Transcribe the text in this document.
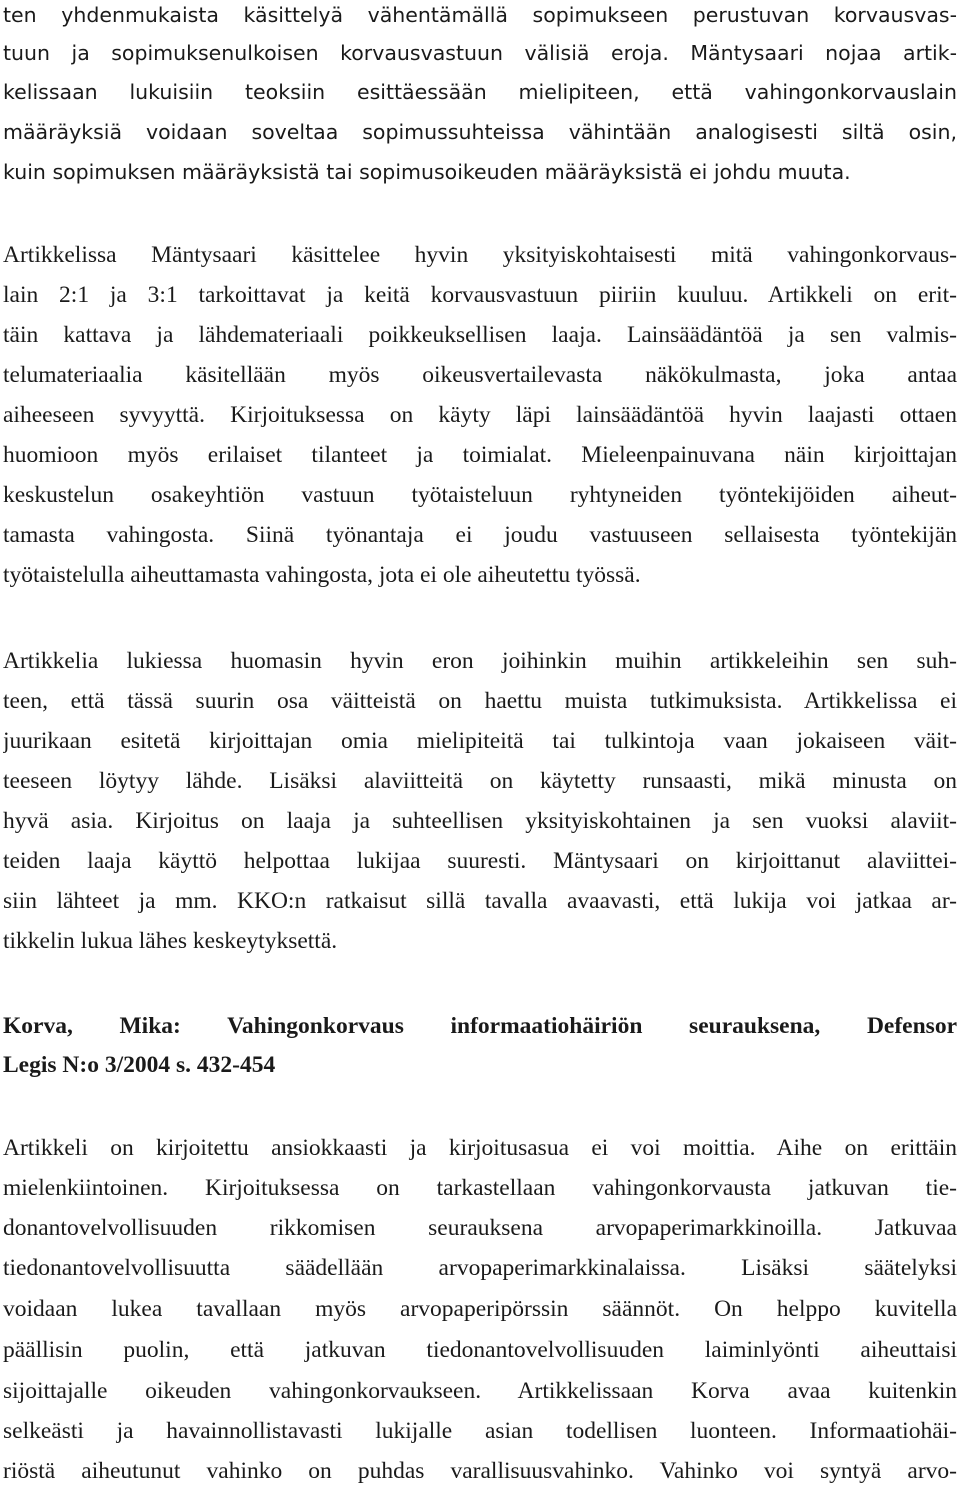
ten yhdenmukaista käsittelyä vähentämällä sopimukseen perustuvan korvausvas-
tuun ja sopimuksenulkoisen korvausvastuun välisiä eroja. Mäntysaari nojaa artik-
kelissaan lukuisiin teoksiin esittäessään mielipiteen, että vahingonkorvauslain
määräyksiä voidaan soveltaa sopimussuhteissa vähintään analogisesti siltä osin,
kuin sopimuksen määräyksistä tai sopimusoikeuden määräyksistä ei johdu muuta.
Artikkelissa Mäntysaari käsittelee hyvin yksityiskohtaisesti mitä vahingonkorvaus-
lain 2:1 ja 3:1 tarkoittavat ja keitä korvausvastuun piiriin kuuluu. Artikkeli on erit-
täin kattava ja lähdemateriaali poikkeuksellisen laaja. Lainsäädäntöä ja sen valmis-
telumateriaalia käsitellään myös oikeusvertailevasta näkökulmasta, joka antaa
aiheeseen syvyyttä. Kirjoituksessa on käyty läpi lainsäädäntöä hyvin laajasti ottaen
huomioon myös erilaiset tilanteet ja toimialat. Mieleenpainuvana näin kirjoittajan
keskustelun osakeyhtiön vastuun työtaisteluun ryhtyneiden työntekijöiden aiheut-
tamasta vahingosta. Siinä työnantaja ei joudu vastuuseen sellaisesta työntekijän
työtaistelulla aiheuttamasta vahingosta, jota ei ole aiheutettu työssä.
Artikkelia lukiessa huomasin hyvin eron joihinkin muihin artikkeleihin sen suh-
teen, että tässä suurin osa väitteistä on haettu muista tutkimuksista. Artikkelissa ei
juurikaan esitetä kirjoittajan omia mielipiteitä tai tulkintoja vaan jokaiseen väit-
teeseen löytyy lähde. Lisäksi alaviitteitä on käytetty runsaasti, mikä minusta on
hyvä asia. Kirjoitus on laaja ja suhteellisen yksityiskohtainen ja sen vuoksi alaviit-
teiden laaja käyttö helpottaa lukijaa suuresti. Mäntysaari on kirjoittanut alaviittei-
siin lähteet ja mm. KKO:n ratkaisut sillä tavalla avaavasti, että lukija voi jatkaa ar-
tikkelin lukua lähes keskeytyksettä.
Korva, Mika: Vahingonkorvaus informaatiohäiriön seurauksena, Defensor
Legis N:o 3/2004 s. 432-454
Artikkeli on kirjoitettu ansiokkaasti ja kirjoitusasua ei voi moittia. Aihe on erittäin
mielenkiintoinen. Kirjoituksessa on tarkastellaan vahingonkorvausta jatkuvan tie-
donantovelvollisuuden rikkomisen seurauksena arvopaperimarkkinoilla. Jatkuvaa
tiedonantovelvollisuutta säädellään arvopaperimarkkinalaissa. Lisäksi säätelyksi
voidaan lukea tavallaan myös arvopaperipörssin säännöt. On helppo kuvitella
päällisin puolin, että jatkuvan tiedonantovelvollisuuden laiminlyönti aiheuttaisi
sijoittajalle oikeuden vahingonkorvaukseen. Artikkelissaan Korva avaa kuitenkin
selkeästi ja havainnollistavasti lukijalle asian todellisen luonteen. Informaatiohäi-
riöstä aiheutunut vahinko on puhdas varallisuusvahinko. Vahinko voi syntyä arvo-
